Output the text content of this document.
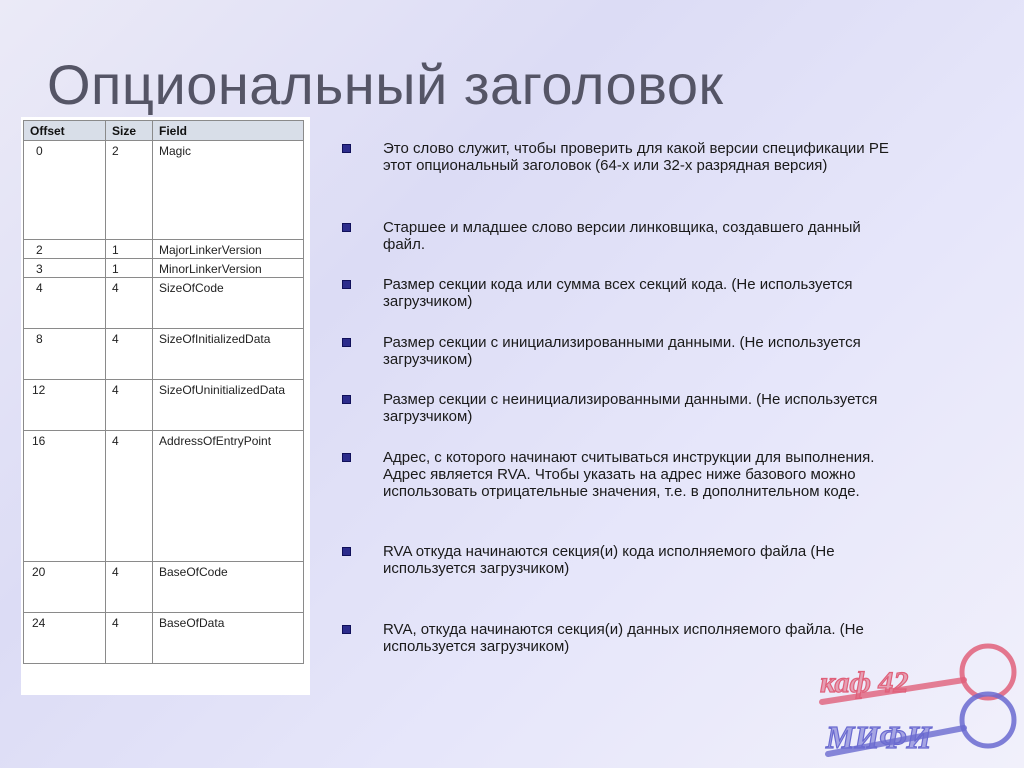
Опциональный заголовок
Offset	Size	Field
0	2	Magic
2	1	MajorLinkerVersion
3	1	MinorLinkerVersion
4	4	SizeOfCode
8	4	SizeOfInitializedData
12	4	SizeOfUninitializedData
16	4	AddressOfEntryPoint
20	4	BaseOfCode
24	4	BaseOfData
Это слово служит, чтобы проверить для какой версии спецификации PE
этот опциональный заголовок (64-х или 32-х разрядная версия)
Старшее и младшее слово версии линковщика, создавшего данный
файл.
Размер секции кода или сумма всех секций кода. (Не используется
загрузчиком)
Размер секции с инициализированными данными. (Не используется
загрузчиком)
Размер секции с неинициализированными данными. (Не используется
загрузчиком)
Адрес, с которого начинают считываться инструкции для выполнения.
Адрес является RVA. Чтобы указать на адрес ниже базового можно
использовать отрицательные значения, т.е. в дополнительном коде.
RVA откуда начинаются секция(и) кода исполняемого файла (Не
используется загрузчиком)
RVA, откуда начинаются секция(и) данных исполняемого файла. (Не
используется загрузчиком)
каф 42
МИФИ
